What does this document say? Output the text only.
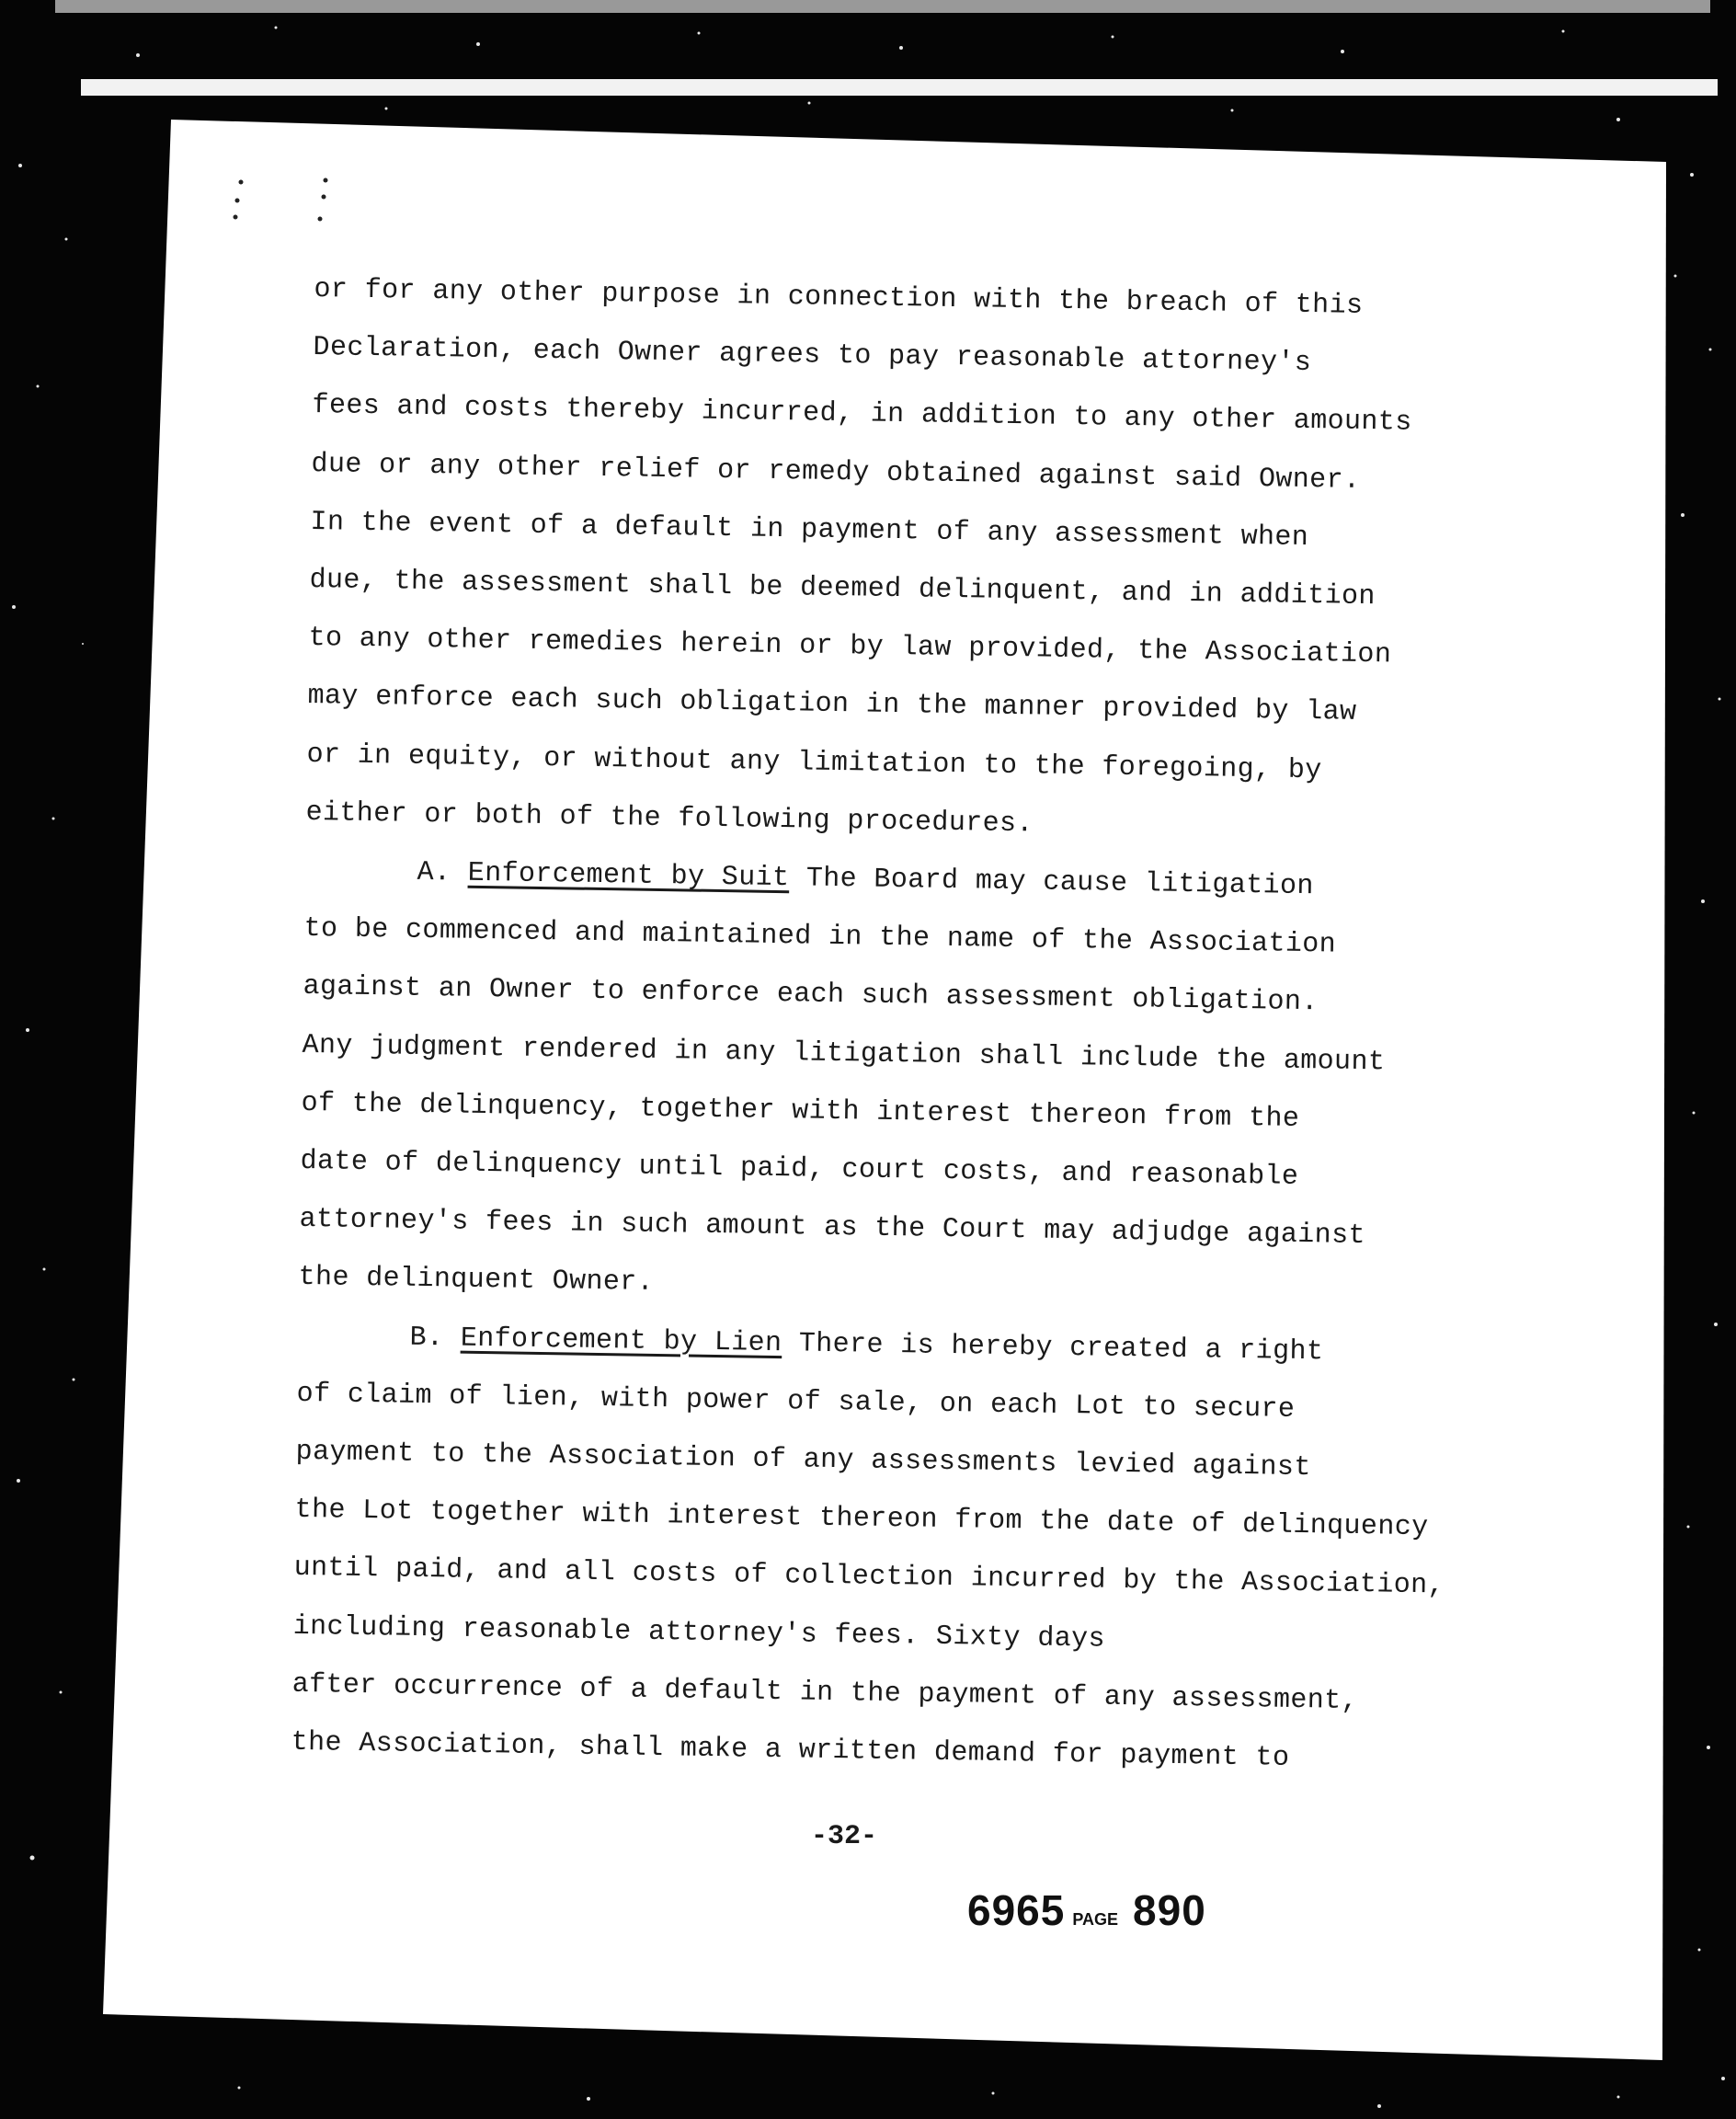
or for any other purpose in connection with the breach of this
Declaration, each Owner agrees to pay reasonable attorney's
fees and costs thereby incurred, in addition to any other amounts
due or any other relief or remedy obtained against said Owner.
In the event of a default in payment of any assessment when
due, the assessment shall be deemed delinquent, and in addition
to any other remedies herein or by law provided, the Association
may enforce each such obligation in the manner provided by law
or in equity, or without any limitation to the foregoing, by
either or both of the following procedures.
A. Enforcement by Suit The Board may cause litigation
to be commenced and maintained in the name of the Association
against an Owner to enforce each such assessment obligation.
Any judgment rendered in any litigation shall include the amount
of the delinquency, together with interest thereon from the
date of delinquency until paid, court costs, and reasonable
attorney's fees in such amount as the Court may adjudge against
the delinquent Owner.
B. Enforcement by Lien There is hereby created a right
of claim of lien, with power of sale, on each Lot to secure
payment to the Association of any assessments levied against
the Lot together with interest thereon from the date of delinquency
until paid, and all costs of collection incurred by the Association,
including reasonable attorney's fees. Sixty days
after occurrence of a default in the payment of any assessment,
the Association, shall make a written demand for payment to
-32-
6965 PAGE 890
